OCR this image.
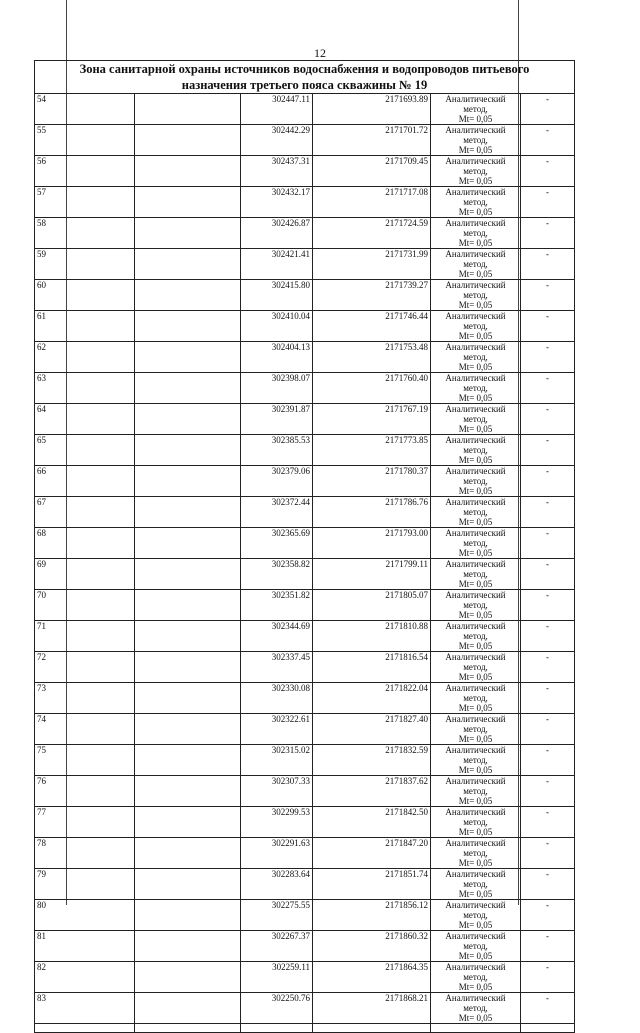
12
Зона санитарной охраны источников водоснабжения и водопроводов питьевого
назначения третьего пояса скважины № 19					

54		302447.11	2171693.89	Аналитический метод,
Mt= 0,05	-

55		302442.29	2171701.72	Аналитический метод,
Mt= 0,05	-

56		302437.31	2171709.45	Аналитический метод,
Mt= 0,05	-

57		302432.17	2171717.08	Аналитический метод,
Mt= 0,05	-

58		302426.87	2171724.59	Аналитический метод,
Mt= 0,05	-

59		302421.41	2171731.99	Аналитический метод,
Mt= 0,05	-

60		302415.80	2171739.27	Аналитический метод,
Mt= 0,05	-

61		302410.04	2171746.44	Аналитический метод,
Mt= 0,05	-

62		302404.13	2171753.48	Аналитический метод,
Mt= 0,05	-

63		302398.07	2171760.40	Аналитический метод,
Mt= 0,05	-

64		302391.87	2171767.19	Аналитический метод,
Mt= 0,05	-

65		302385.53	2171773.85	Аналитический метод,
Mt= 0,05	-

66		302379.06	2171780.37	Аналитический метод,
Mt= 0,05	-

67		302372.44	2171786.76	Аналитический метод,
Mt= 0,05	-

68		302365.69	2171793.00	Аналитический метод,
Mt= 0,05	-

69		302358.82	2171799.11	Аналитический метод,
Mt= 0,05	-

70		302351.82	2171805.07	Аналитический метод,
Mt= 0,05	-

71		302344.69	2171810.88	Аналитический метод,
Mt= 0,05	-

72		302337.45	2171816.54	Аналитический метод,
Mt= 0,05	-

73		302330.08	2171822.04	Аналитический метод,
Mt= 0,05	-

74		302322.61	2171827.40	Аналитический метод,
Mt= 0,05	-

75		302315.02	2171832.59	Аналитический метод,
Mt= 0,05	-

76		302307.33	2171837.62	Аналитический метод,
Mt= 0,05	-

77		302299.53	2171842.50	Аналитический метод,
Mt= 0,05	-

78		302291.63	2171847.20	Аналитический метод,
Mt= 0,05	-

79		302283.64	2171851.74	Аналитический метод,
Mt= 0,05	-

80		302275.55	2171856.12	Аналитический метод,
Mt= 0,05	-

81		302267.37	2171860.32	Аналитический метод,
Mt= 0,05	-

82		302259.11	2171864.35	Аналитический метод,
Mt= 0,05	-

83		302250.76	2171868.21	Аналитический метод,
Mt= 0,05	-
